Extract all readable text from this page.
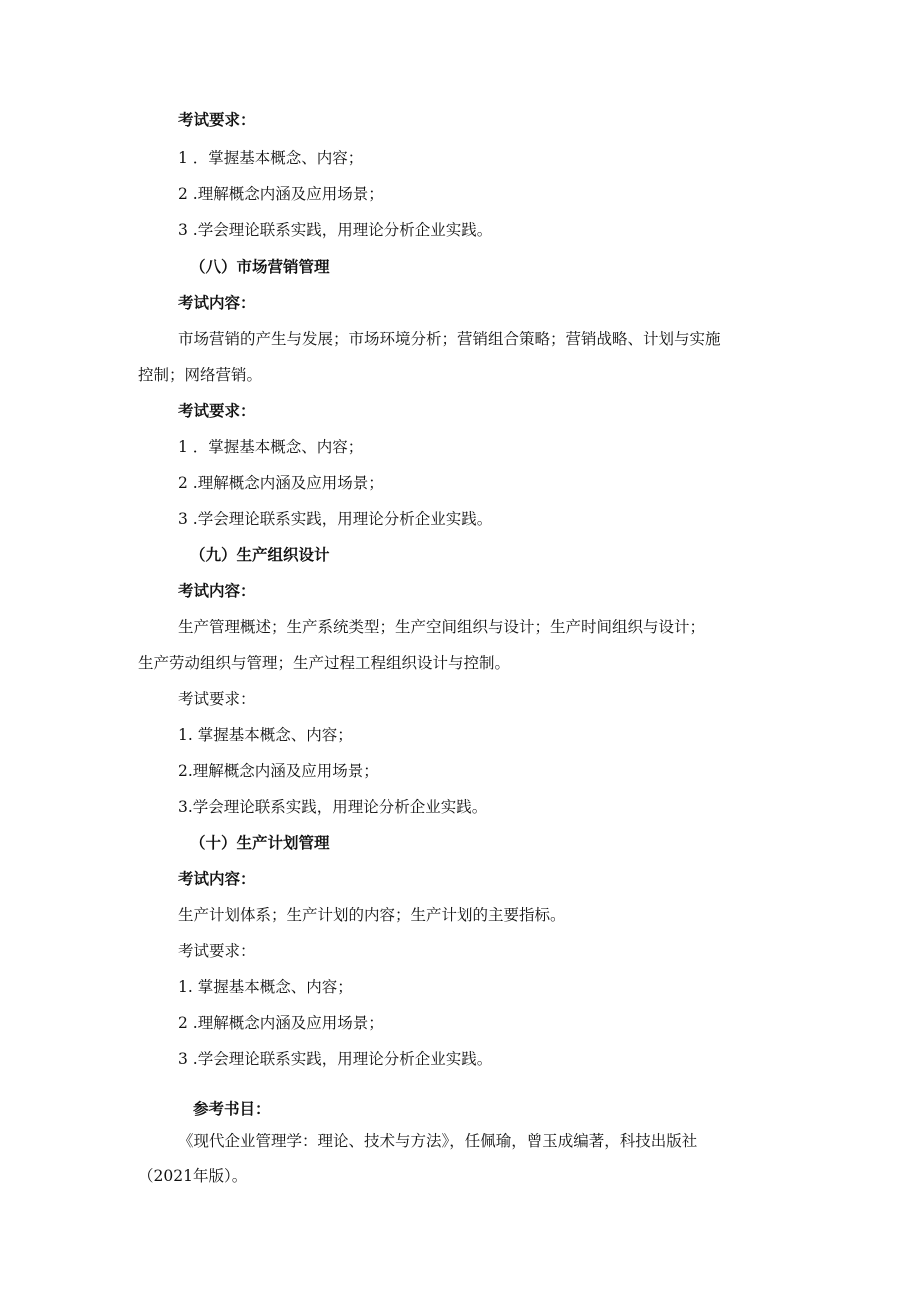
考试要求：
1 ．掌握基本概念、内容；
2 .理解概念内涵及应用场景；
3 .学会理论联系实践，用理论分析企业实践。
（八）市场营销管理
考试内容：
市场营销的产生与发展；市场环境分析；营销组合策略；营销战略、计划与实施
控制；网络营销。
考试要求：
1 ．掌握基本概念、内容；
2 .理解概念内涵及应用场景；
3 .学会理论联系实践，用理论分析企业实践。
（九）生产组织设计
考试内容：
生产管理概述；生产系统类型；生产空间组织与设计；生产时间组织与设计；
生产劳动组织与管理；生产过程工程组织设计与控制。
考试要求：
1. 掌握基本概念、内容；
2.理解概念内涵及应用场景；
3.学会理论联系实践，用理论分析企业实践。
（十）生产计划管理
考试内容：
生产计划体系；生产计划的内容；生产计划的主要指标。
考试要求：
1. 掌握基本概念、内容；
2 .理解概念内涵及应用场景；
3 .学会理论联系实践，用理论分析企业实践。
参考书目：
《现代企业管理学：理论、技术与方法》，任佩瑜，曾玉成编著，科技出版社
（2021年版）。
